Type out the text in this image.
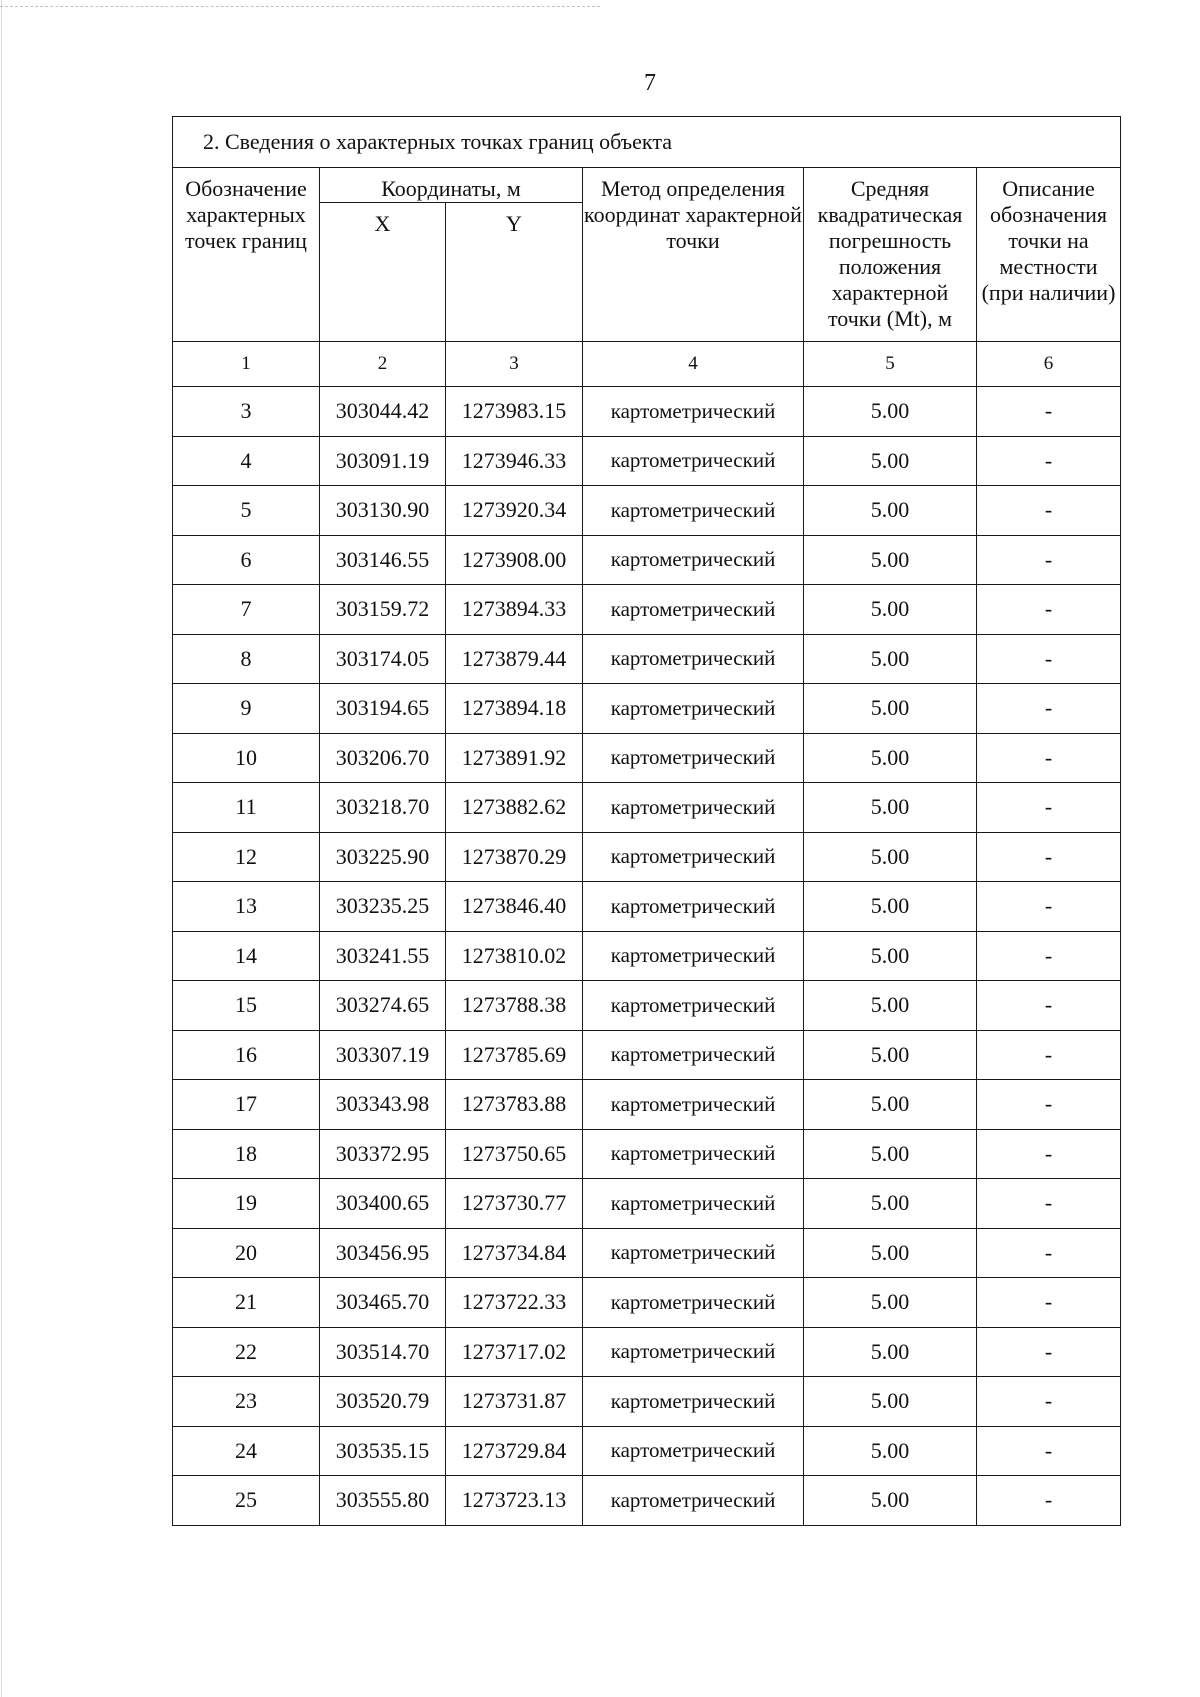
7
2. Сведения о характерных точках границ объекта					
Обозначение характерных точек границ	Координаты, м		Метод определения координат характерной точки	Средняя квадратическая погрешность положения характерной точки (Mt), м	Описание обозначения точки на местности (при наличии)
	X	Y			
1	2	3	4	5	6
3	303044.42	1273983.15	картометрический	5.00	-
4	303091.19	1273946.33	картометрический	5.00	-
5	303130.90	1273920.34	картометрический	5.00	-
6	303146.55	1273908.00	картометрический	5.00	-
7	303159.72	1273894.33	картометрический	5.00	-
8	303174.05	1273879.44	картометрический	5.00	-
9	303194.65	1273894.18	картометрический	5.00	-
10	303206.70	1273891.92	картометрический	5.00	-
11	303218.70	1273882.62	картометрический	5.00	-
12	303225.90	1273870.29	картометрический	5.00	-
13	303235.25	1273846.40	картометрический	5.00	-
14	303241.55	1273810.02	картометрический	5.00	-
15	303274.65	1273788.38	картометрический	5.00	-
16	303307.19	1273785.69	картометрический	5.00	-
17	303343.98	1273783.88	картометрический	5.00	-
18	303372.95	1273750.65	картометрический	5.00	-
19	303400.65	1273730.77	картометрический	5.00	-
20	303456.95	1273734.84	картометрический	5.00	-
21	303465.70	1273722.33	картометрический	5.00	-
22	303514.70	1273717.02	картометрический	5.00	-
23	303520.79	1273731.87	картометрический	5.00	-
24	303535.15	1273729.84	картометрический	5.00	-
25	303555.80	1273723.13	картометрический	5.00	-
